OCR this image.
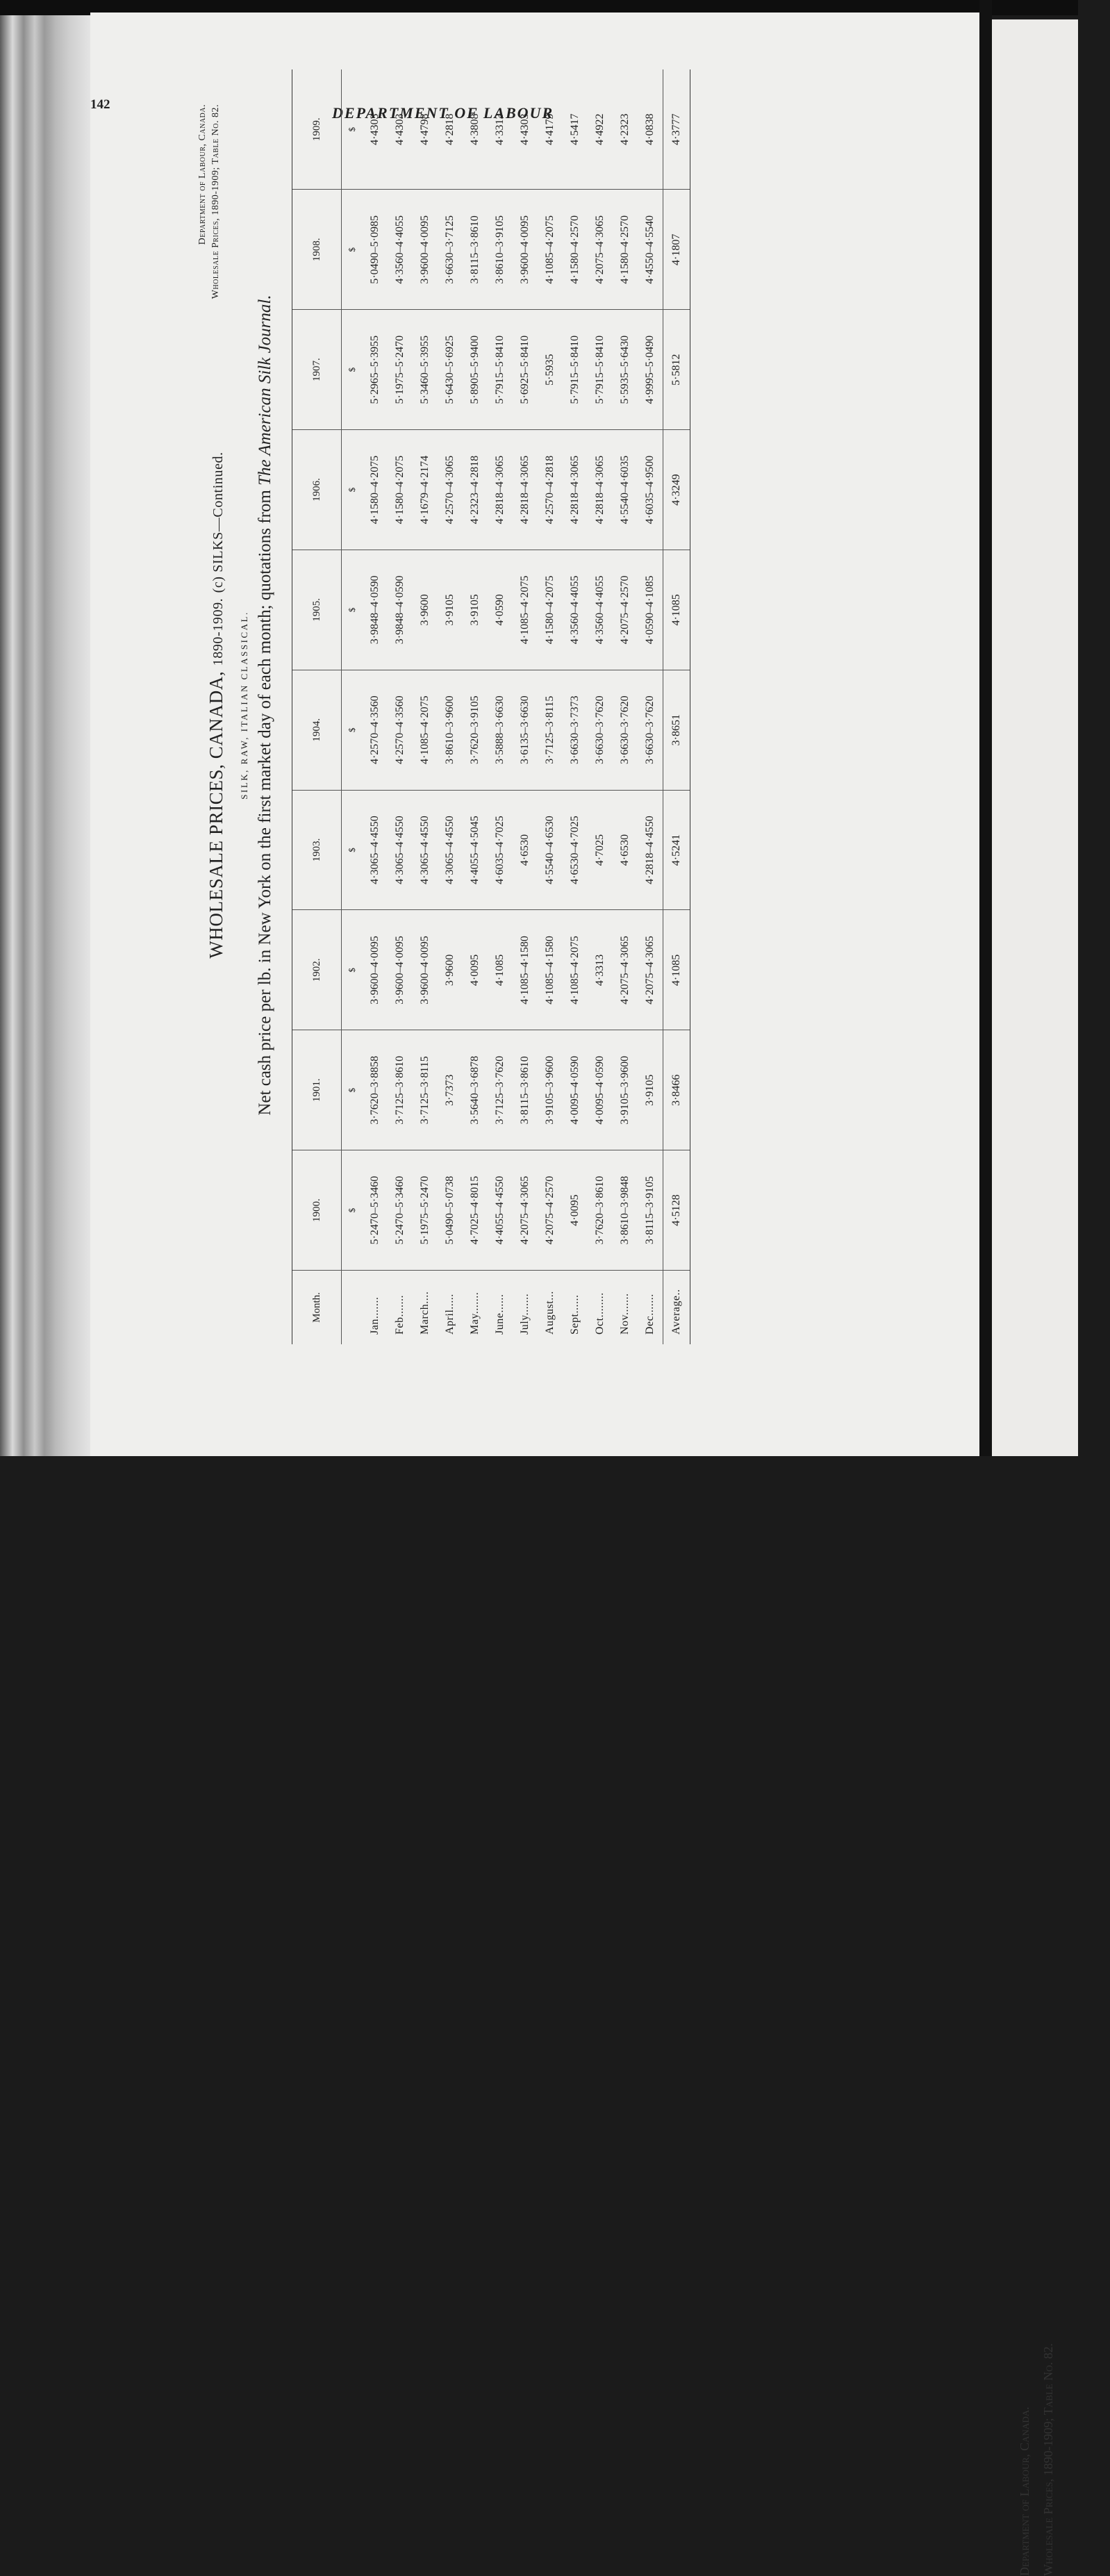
Department of Labour, Canada. Wholesale Prices, 1890-1909; Table No. 82.
142	DEPARTMENT OF LABOUR
Department of Labour, Canada. Wholesale Prices, 1890-1909; Table No. 82.
WHOLESALE PRICES, CANADA, 1890-1909. (c) SILKS—Continued.
SILK, RAW, ITALIAN CLASSICAL. Net cash price per lb. in New York on the first market day of each month; quotations from The American Silk Journal.
Month.	1900.	1901.	1902.	1903.	1904.	1905.	1906.	1907.	1908.	1909.
	$	$	$	$	$	$	$	$	$	$
Jan.......	5·2470–5·3460	3·7620–3·8858	3·9600–4·0095	4·3065–4·4550	4·2570–4·3560	3·9848–4·0590	4·1580–4·2075	5·2965–5·3955	5·0490–5·0985	4·4303
Feb.......	5·2470–5·3460	3·7125–3·8610	3·9600–4·0095	4·3065–4·4550	4·2570–4·3560	3·9848–4·0590	4·1580–4·2075	5·1975–5·2470	4·3560–4·4055	4·4303
March....	5·1975–5·2470	3·7125–3·8115	3·9600–4·0095	4·3065–4·4550	4·1085–4·2075	3·9600	4·1679–4·2174	5·3460–5·3955	3·9600–4·0095	4·4798
April.....	5·0490–5·0738	3·7373	3·9600	4·3065–4·4550	3·8610–3·9600	3·9105	4·2570–4·3065	5·6430–5·6925	3·6630–3·7125	4·2818
May.......	4·7025–4·8015	3·5640–3·6878	4·0095	4·4055–4·5045	3·7620–3·9105	3·9105	4·2323–4·2818	5·8905–5·9400	3·8115–3·8610	4·3808
June......	4·4055–4·4550	3·7125–3·7620	4·1085	4·6035–4·7025	3·5888–3·6630	4·0590	4·2818–4·3065	5·7915–5·8410	3·8610–3·9105	4·3313
July.......	4·2075–4·3065	3·8115–3·8610	4·1085–4·1580	4·6530	3·6135–3·6630	4·1085–4·2075	4·2818–4·3065	5·6925–5·8410	3·9600–4·0095	4·4303
August...	4·2075–4·2570	3·9105–3·9600	4·1085–4·1580	4·5540–4·6530	3·7125–3·8115	4·1580–4·2075	4·2570–4·2818	5·5935	4·1085–4·2075	4·4179
Sept......	4·0095	4·0095–4·0590	4·1085–4·2075	4·6530–4·7025	3·6630–3·7373	4·3560–4·4055	4·2818–4·3065	5·7915–5·8410	4·1580–4·2570	4·5417
Oct........	3·7620–3·8610	4·0095–4·0590	4·3313	4·7025	3·6630–3·7620	4·3560–4·4055	4·2818–4·3065	5·7915–5·8410	4·2075–4·3065	4·4922
Nov.......	3·8610–3·9848	3·9105–3·9600	4·2075–4·3065	4·6530	3·6630–3·7620	4·2075–4·2570	4·5540–4·6035	5·5935–5·6430	4·1580–4·2570	4·2323
Dec.......	3·8115–3·9105	3·9105	4·2075–4·3065	4·2818–4·4550	3·6630–3·7620	4·0590–4·1085	4·6035–4·9500	4·9995–5·0490	4·4550–4·5540	4·0838
Average..	4·5128	3·8466	4·1085	4·5241	3·8651	4·1085	4·3249	5·5812	4·1807	4·3777
